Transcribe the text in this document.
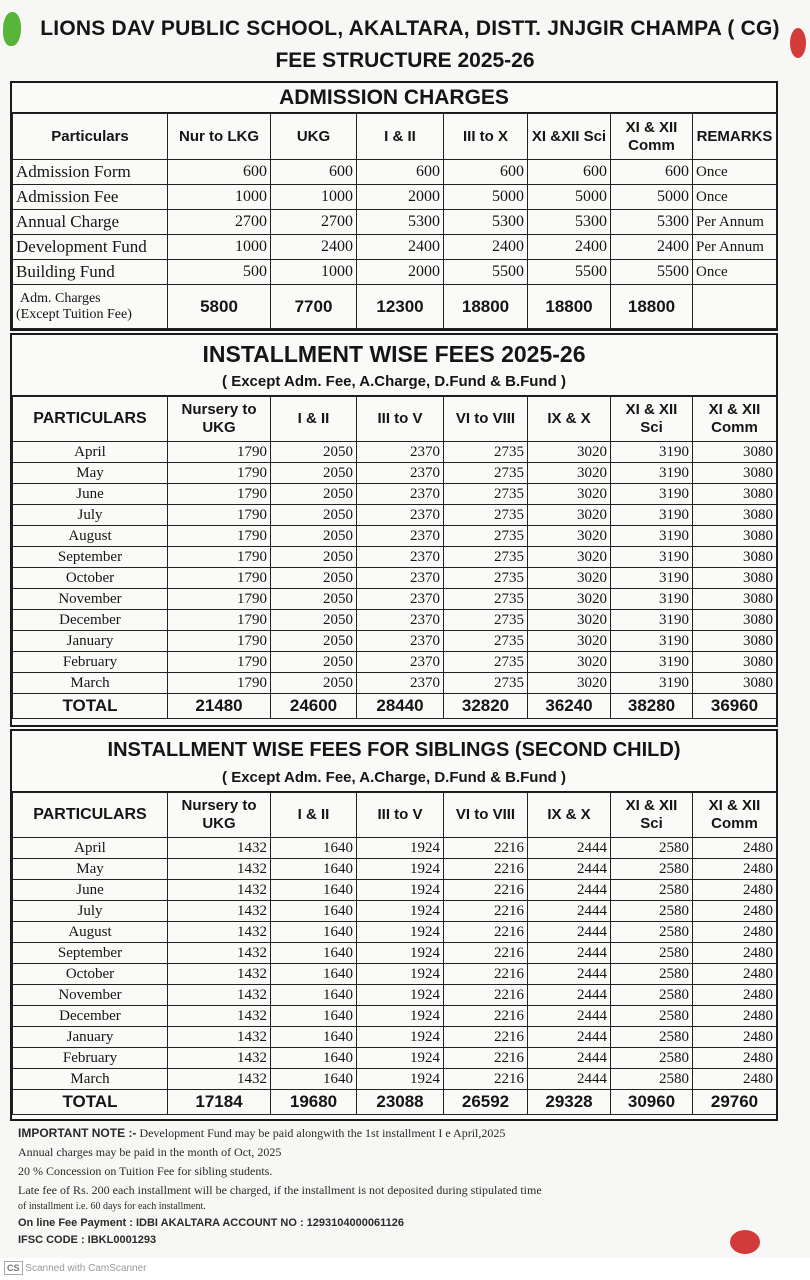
LIONS DAV PUBLIC SCHOOL, AKALTARA, DISTT. JNJGIR CHAMPA ( CG)
FEE STRUCTURE 2025-26
ADMISSION CHARGES
Particulars	Nur to LKG	UKG	I & II	III to X	XI &XII Sci	XI & XII Comm	REMARKS
Admission Form	600	600	600	600	600	600	Once
Admission Fee	1000	1000	2000	5000	5000	5000	Once
Annual Charge	2700	2700	5300	5300	5300	5300	Per Annum
Development Fund	1000	2400	2400	2400	2400	2400	Per Annum
Building Fund	500	1000	2000	5500	5500	5500	Once

Adm. Charges
(Except Tuition Fee)	5800	7700	12300	18800	18800	18800	
INSTALLMENT WISE FEES 2025-26
( Except Adm. Fee, A.Charge, D.Fund & B.Fund )
PARTICULARS	Nursery to UKG	I & II	III to V	VI to VIII	IX & X	XI & XII Sci	XI & XII Comm
April	1790	2050	2370	2735	3020	3190	3080
May	1790	2050	2370	2735	3020	3190	3080
June	1790	2050	2370	2735	3020	3190	3080
July	1790	2050	2370	2735	3020	3190	3080
August	1790	2050	2370	2735	3020	3190	3080
September	1790	2050	2370	2735	3020	3190	3080
October	1790	2050	2370	2735	3020	3190	3080
November	1790	2050	2370	2735	3020	3190	3080
December	1790	2050	2370	2735	3020	3190	3080
January	1790	2050	2370	2735	3020	3190	3080
February	1790	2050	2370	2735	3020	3190	3080
March	1790	2050	2370	2735	3020	3190	3080
TOTAL	21480	24600	28440	32820	36240	38280	36960
INSTALLMENT WISE FEES FOR SIBLINGS (SECOND CHILD)
( Except Adm. Fee, A.Charge, D.Fund & B.Fund )
PARTICULARS	Nursery to UKG	I & II	III to V	VI to VIII	IX & X	XI & XII Sci	XI & XII Comm
April	1432	1640	1924	2216	2444	2580	2480
May	1432	1640	1924	2216	2444	2580	2480
June	1432	1640	1924	2216	2444	2580	2480
July	1432	1640	1924	2216	2444	2580	2480
August	1432	1640	1924	2216	2444	2580	2480
September	1432	1640	1924	2216	2444	2580	2480
October	1432	1640	1924	2216	2444	2580	2480
November	1432	1640	1924	2216	2444	2580	2480
December	1432	1640	1924	2216	2444	2580	2480
January	1432	1640	1924	2216	2444	2580	2480
February	1432	1640	1924	2216	2444	2580	2480
March	1432	1640	1924	2216	2444	2580	2480
TOTAL	17184	19680	23088	26592	29328	30960	29760
IMPORTANT NOTE :- Development Fund may be paid alongwith the 1st installment I e April,2025
Annual charges may be paid in the month of Oct, 2025
20 % Concession on Tuition Fee for sibling students.
Late fee of Rs. 200 each installment will be charged, if the installment is not deposited during stipulated time
of installment i.e. 60 days for each installment.
On line Fee Payment : IDBI AKALTARA ACCOUNT NO : 1293104000061126
IFSC CODE : IBKL0001293
CS Scanned with CamScanner
